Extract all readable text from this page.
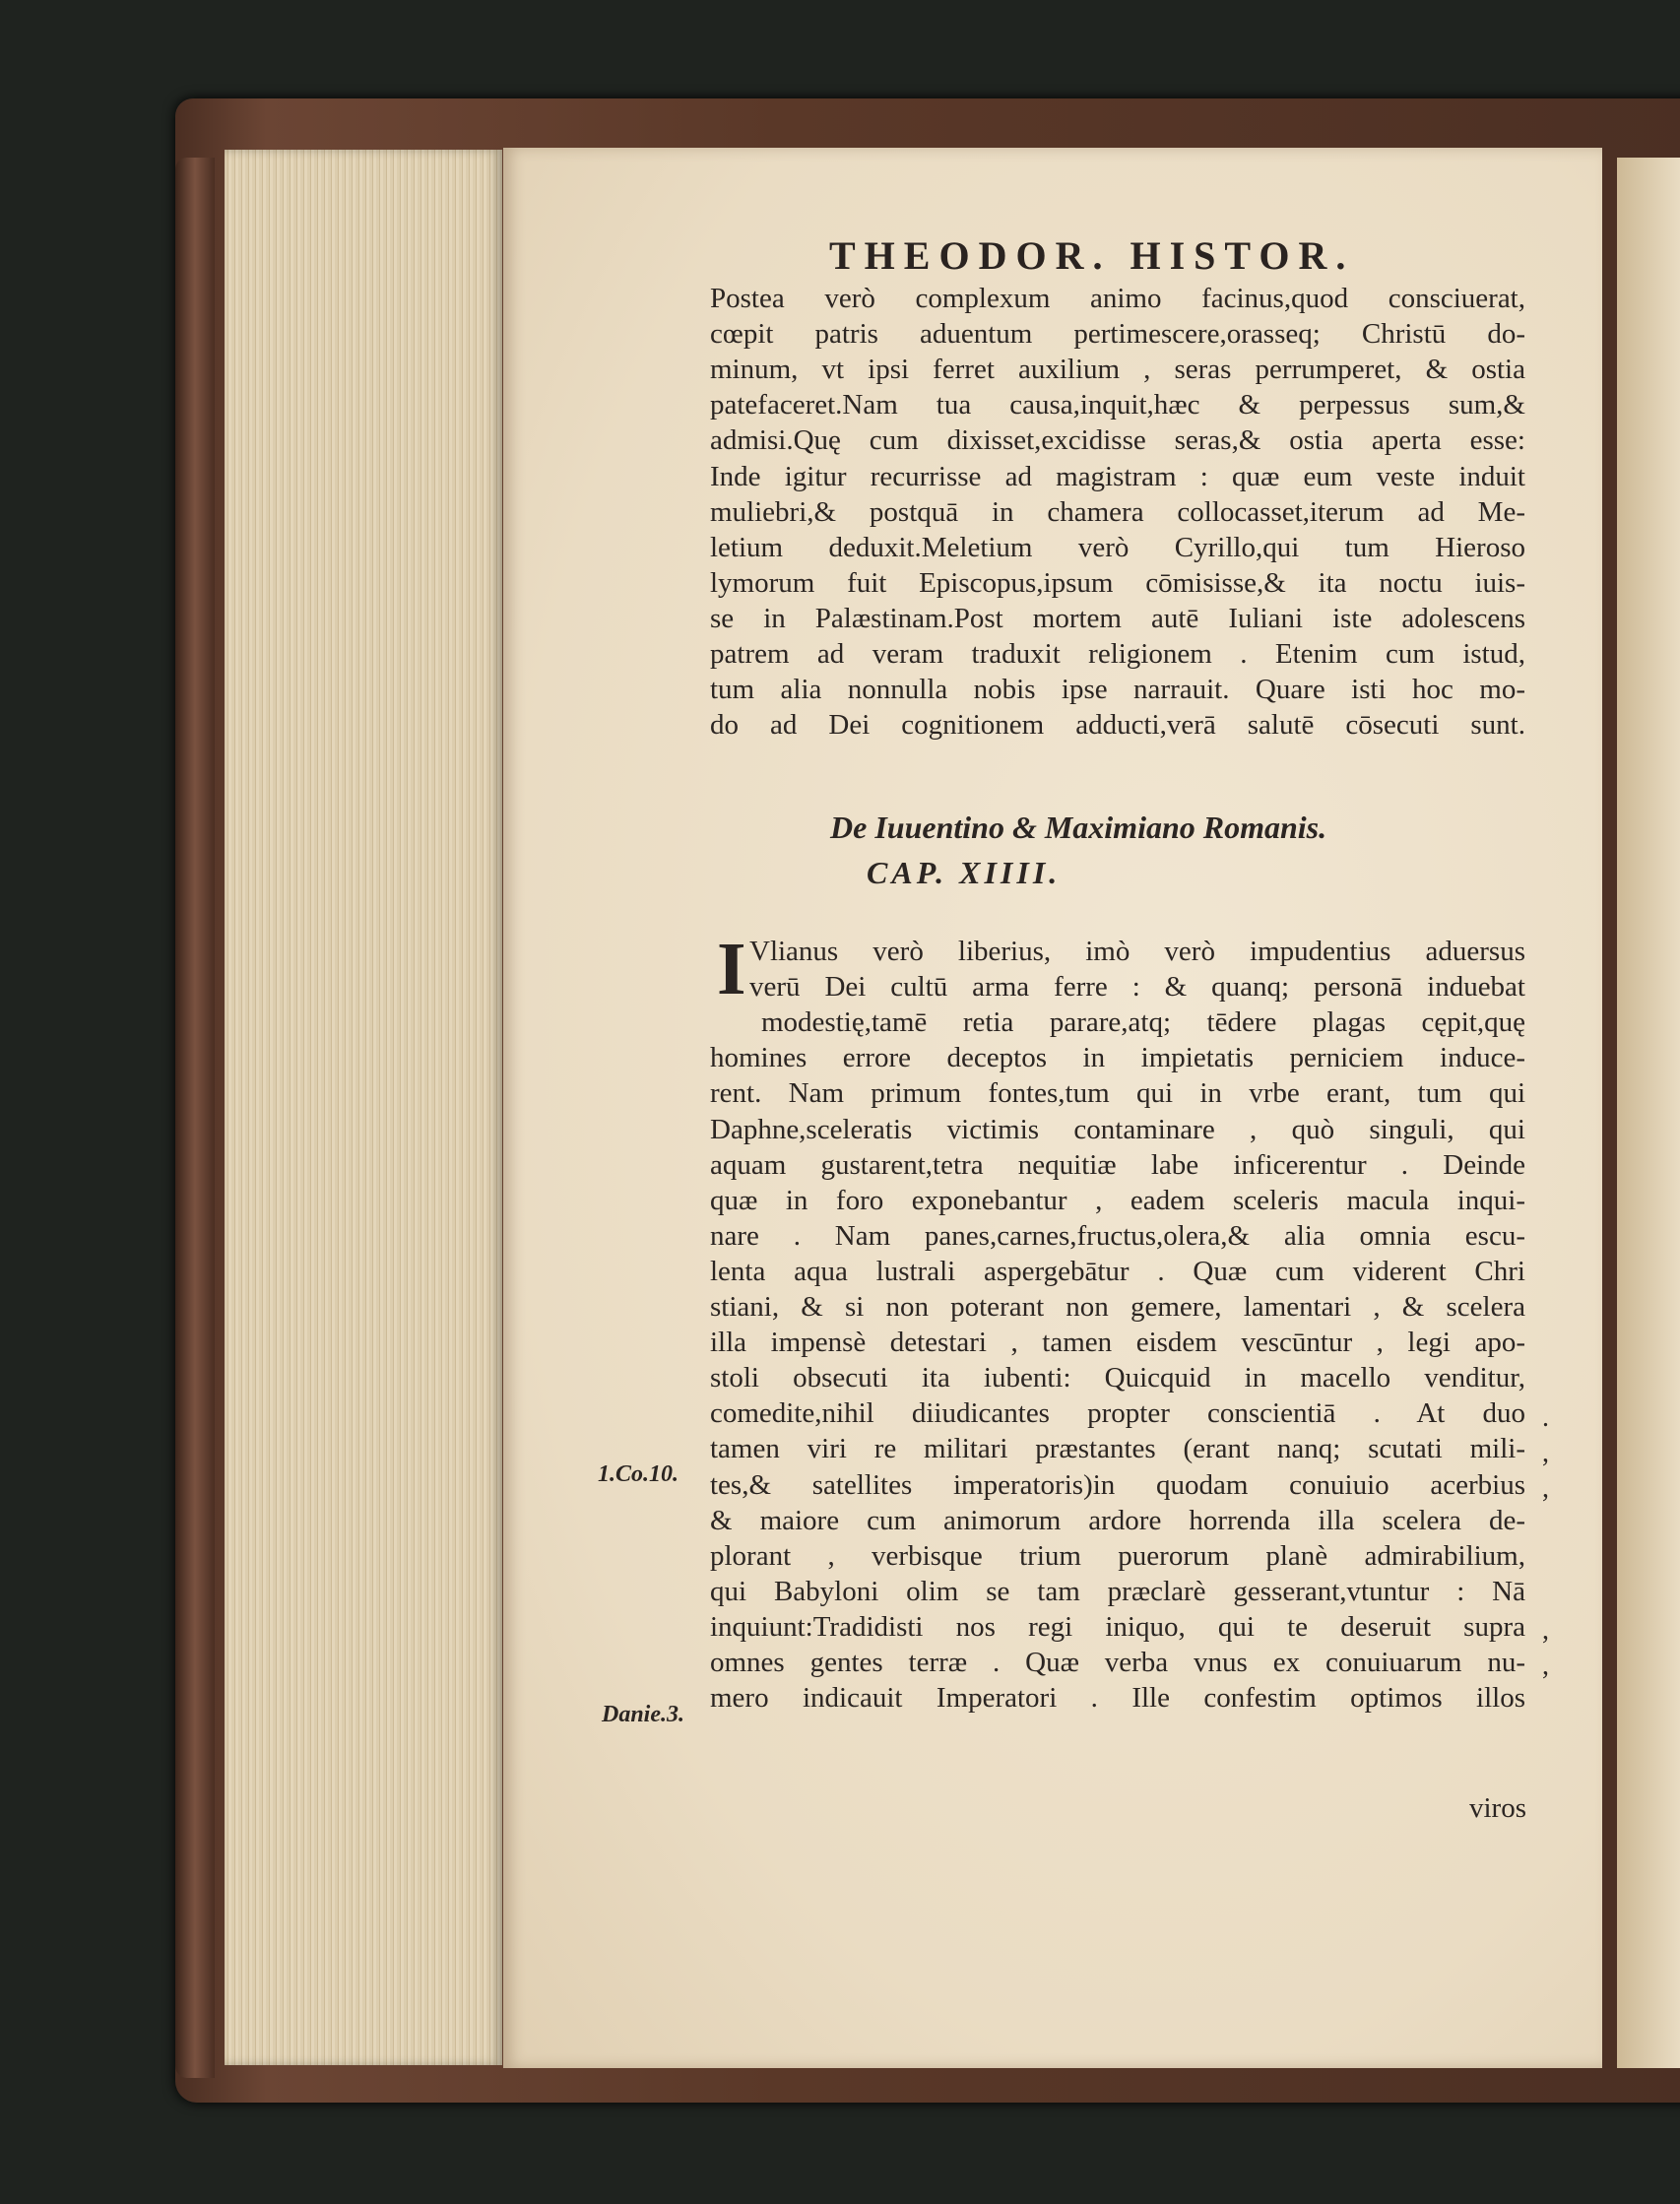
THEODOR. HISTOR.
Postea verò complexum animo facinus,quod consciuerat,
cœpit patris aduentum pertimescere,orasseq; Christū do-
minum, vt ipsi ferret auxilium , seras perrumperet, & ostia
patefaceret.Nam tua causa,inquit,hæc & perpessus sum,&
admisi.Quę cum dixisset,excidisse seras,& ostia aperta esse:
Inde igitur recurrisse ad magistram : quæ eum veste induit
muliebri,& postquā in chamera collocasset,iterum ad Me-
letium deduxit.Meletium verò Cyrillo,qui tum Hieroso
lymorum fuit Episcopus,ipsum cōmisisse,& ita noctu iuis-
se in Palæstinam.Post mortem autē Iuliani iste adolescens
patrem ad veram traduxit religionem . Etenim cum istud,
tum alia nonnulla nobis ipse narrauit. Quare isti hoc mo-
do ad Dei cognitionem adducti,verā salutē cōsecuti sunt.
De Iuuentino & Maximiano Romanis.
CAP. XIIII.
I Vlianus verò liberius, imò verò impudentius aduersus
verū Dei cultū arma ferre : & quanq; personā induebat
modestię,tamē retia parare,atq; tēdere plagas cępit,quę
homines errore deceptos in impietatis perniciem induce-
rent. Nam primum fontes,tum qui in vrbe erant, tum qui
Daphne,sceleratis victimis contaminare , quò singuli, qui
aquam gustarent,tetra nequitiæ labe inficerentur . Deinde
quæ in foro exponebantur , eadem sceleris macula inqui-
nare . Nam panes,carnes,fructus,olera,& alia omnia escu-
lenta aqua lustrali aspergebātur . Quæ cum viderent Chri
stiani, & si non poterant non gemere, lamentari , & scelera
illa impensè detestari , tamen eisdem vescūntur , legi apo-
stoli obsecuti ita iubenti: Quicquid in macello venditur,
comedite,nihil diiudicantes propter conscientiā . At duo
tamen viri re militari præstantes (erant nanq; scutati mili-
tes,& satellites imperatoris)in quodam conuiuio acerbius
& maiore cum animorum ardore horrenda illa scelera de-
plorant , verbisque trium puerorum planè admirabilium,
qui Babyloni olim se tam præclarè gesserant,vtuntur : Nā
inquiunt:Tradidisti nos regi iniquo, qui te deseruit supra
omnes gentes terræ . Quæ verba vnus ex conuiuarum nu-
mero indicauit Imperatori . Ille confestim optimos illos
viros
1.Co.10.
Danie.3.
.
,
,
,
,
